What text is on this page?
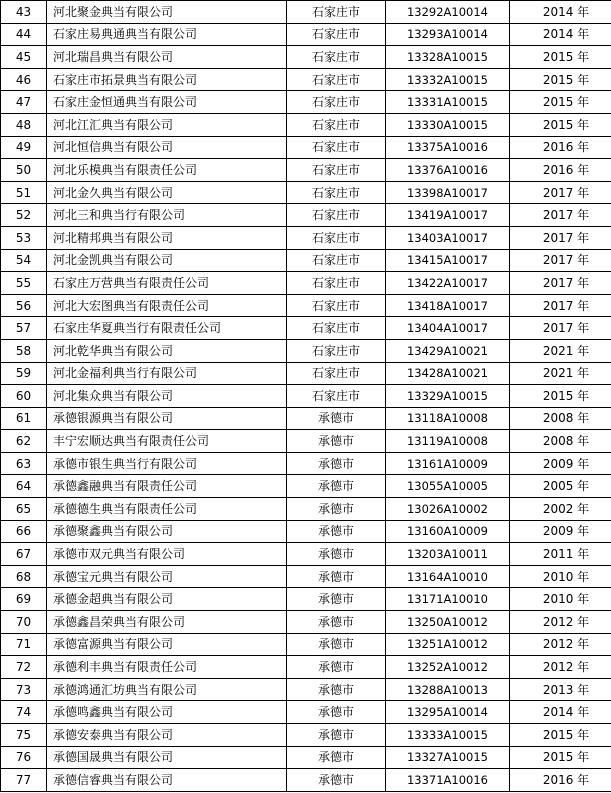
43	河北聚金典当有限公司	石家庄市	13292A10014	2014 年
44	石家庄易典通典当有限公司	石家庄市	13293A10014	2014 年
45	河北瑞昌典当有限公司	石家庄市	13328A10015	2015 年
46	石家庄市拓景典当有限公司	石家庄市	13332A10015	2015 年
47	石家庄金恒通典当有限公司	石家庄市	13331A10015	2015 年
48	河北江汇典当有限公司	石家庄市	13330A10015	2015 年
49	河北恒信典当有限公司	石家庄市	13375A10016	2016 年
50	河北乐模典当有限责任公司	石家庄市	13376A10016	2016 年
51	河北金久典当有限公司	石家庄市	13398A10017	2017 年
52	河北三和典当行有限公司	石家庄市	13419A10017	2017 年
53	河北精邦典当有限公司	石家庄市	13403A10017	2017 年
54	河北金凯典当有限公司	石家庄市	13415A10017	2017 年
55	石家庄万营典当有限责任公司	石家庄市	13422A10017	2017 年
56	河北大宏图典当有限责任公司	石家庄市	13418A10017	2017 年
57	石家庄华夏典当行有限责任公司	石家庄市	13404A10017	2017 年
58	河北乾华典当有限公司	石家庄市	13429A10021	2021 年
59	河北金福利典当行有限公司	石家庄市	13428A10021	2021 年
60	河北集众典当有限公司	石家庄市	13329A10015	2015 年
61	承德银源典当有限公司	承德市	13118A10008	2008 年
62	丰宁宏顺达典当有限责任公司	承德市	13119A10008	2008 年
63	承德市银生典当行有限公司	承德市	13161A10009	2009 年
64	承德鑫融典当有限责任公司	承德市	13055A10005	2005 年
65	承德德生典当有限责任公司	承德市	13026A10002	2002 年
66	承德聚鑫典当有限公司	承德市	13160A10009	2009 年
67	承德市双元典当有限公司	承德市	13203A10011	2011 年
68	承德宝元典当有限公司	承德市	13164A10010	2010 年
69	承德金超典当有限公司	承德市	13171A10010	2010 年
70	承德鑫昌荣典当有限公司	承德市	13250A10012	2012 年
71	承德富源典当有限公司	承德市	13251A10012	2012 年
72	承德利丰典当有限责任公司	承德市	13252A10012	2012 年
73	承德鸿通汇坊典当有限公司	承德市	13288A10013	2013 年
74	承德鸣鑫典当有限公司	承德市	13295A10014	2014 年
75	承德安泰典当有限公司	承德市	13333A10015	2015 年
76	承德国晟典当有限公司	承德市	13327A10015	2015 年
77	承德信睿典当有限公司	承德市	13371A10016	2016 年
